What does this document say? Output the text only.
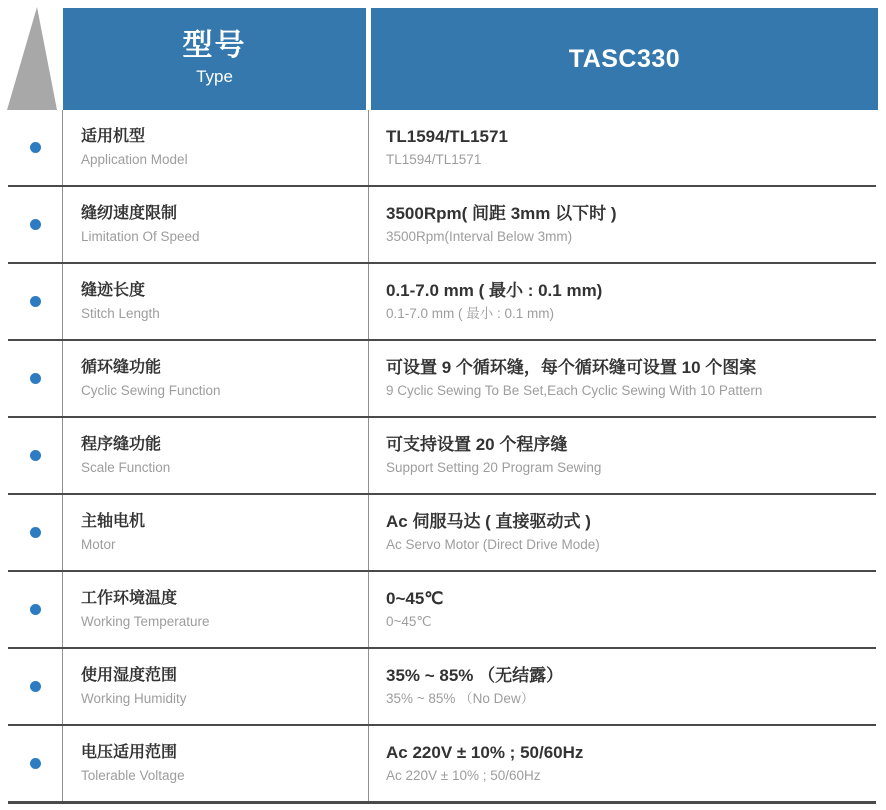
型号
Type
TASC330
适用机型
Application Model
TL1594/TL1571
TL1594/TL1571
缝纫速度限制
Limitation Of Speed
3500Rpm( 间距 3mm 以下时 )
3500Rpm(Interval Below 3mm)
缝迹长度
Stitch Length
0.1-7.0 mm ( 最小 : 0.1 mm)
0.1-7.0 mm ( 最小 : 0.1 mm)
循环缝功能
Cyclic Sewing Function
可设置 9 个循环缝，每个循环缝可设置 10 个图案
9 Cyclic Sewing To Be Set,Each Cyclic Sewing With 10 Pattern
程序缝功能
Scale Function
可支持设置 20 个程序缝
Support Setting 20 Program Sewing
主轴电机
Motor
Ac 伺服马达 ( 直接驱动式 )
Ac Servo Motor (Direct Drive Mode)
工作环境温度
Working Temperature
0~45℃
0~45℃
使用湿度范围
Working Humidity
35% ~ 85% （无结露）
35% ~ 85% （No Dew）
电压适用范围
Tolerable Voltage
Ac 220V ± 10% ; 50/60Hz
Ac 220V ± 10% ; 50/60Hz
